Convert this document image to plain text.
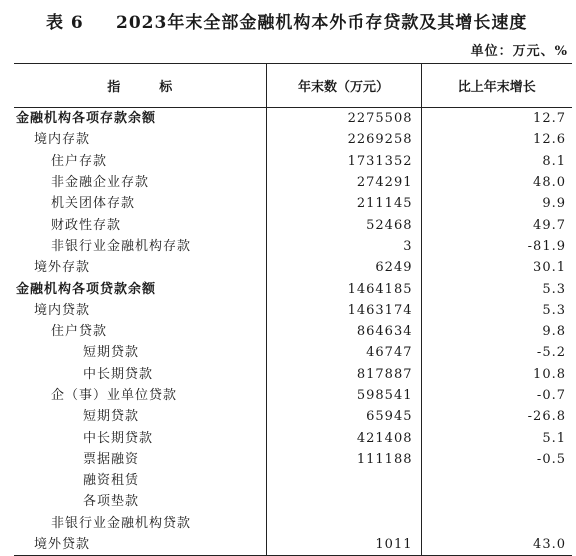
表 6 2023年末全部金融机构本外币存贷款及其增长速度
单位：万元、%
指　　　标	年末数（万元）	比上年末增长
金融机构各项存款余额	2275508	12.7
境内存款	2269258	12.6
住户存款	1731352	8.1
非金融企业存款	274291	48.0
机关团体存款	211145	9.9
财政性存款	52468	49.7
非银行业金融机构存款	3	-81.9
境外存款	6249	30.1
金融机构各项贷款余额	1464185	5.3
境内贷款	1463174	5.3
住户贷款	864634	9.8
短期贷款	46747	-5.2
中长期贷款	817887	10.8
企（事）业单位贷款	598541	-0.7
短期贷款	65945	-26.8
中长期贷款	421408	5.1
票据融资	111188	-0.5
融资租赁		
各项垫款		
非银行业金融机构贷款		
境外贷款	1011	43.0
